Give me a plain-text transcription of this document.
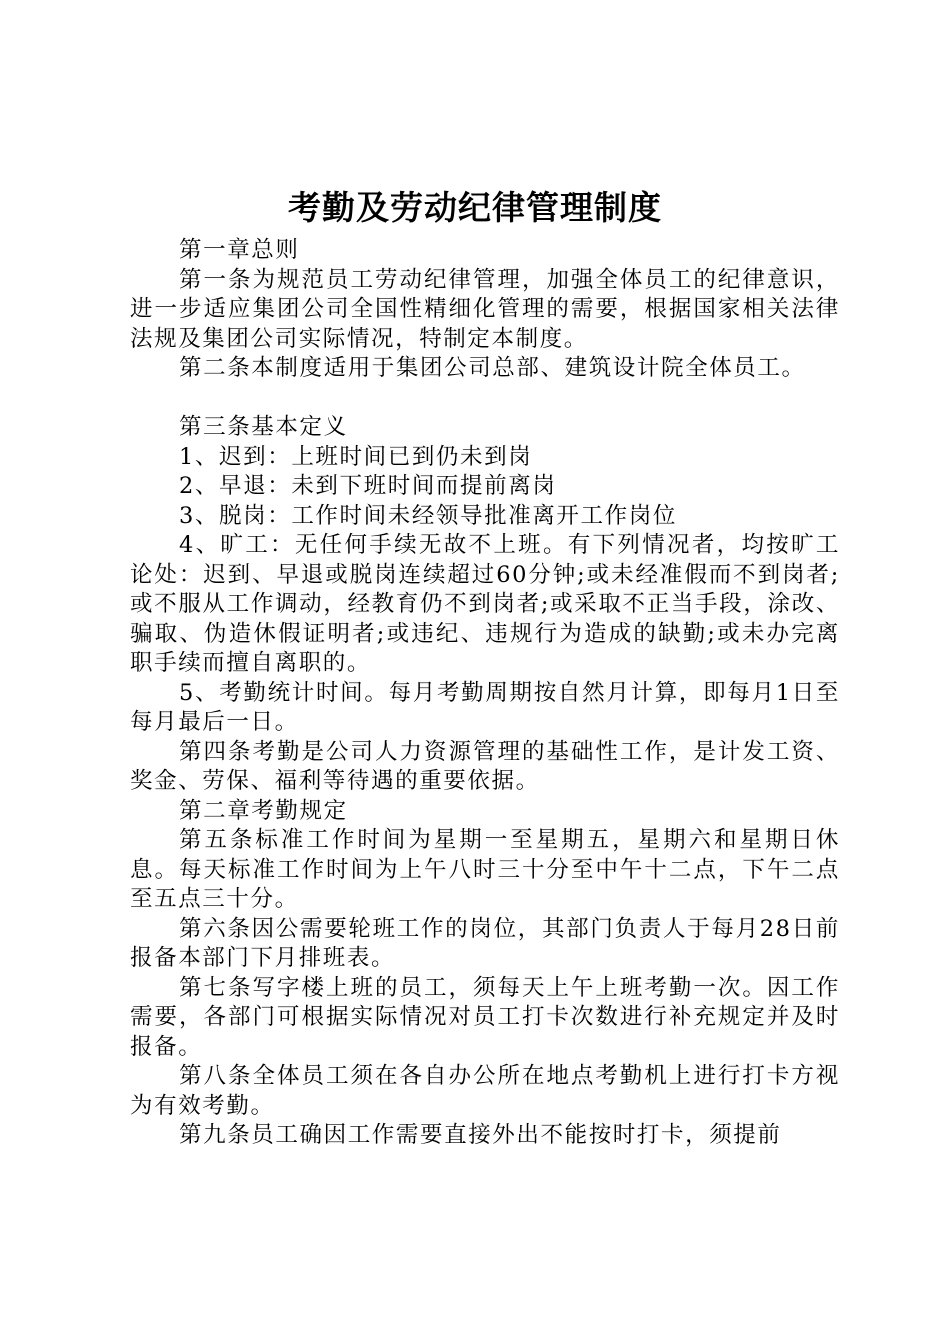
考勤及劳动纪律管理制度

第一章总则

第一条为规范员工劳动纪律管理，加强全体员工的纪律意识，进一步适应集团公司全国性精细化管理的需要，根据国家相关法律法规及集团公司实际情况，特制定本制度。

第二条本制度适用于集团公司总部、建筑设计院全体员工。

第三条基本定义

1、迟到：上班时间已到仍未到岗

2、早退：未到下班时间而提前离岗

3、脱岗：工作时间未经领导批准离开工作岗位

4、旷工：无任何手续无故不上班。有下列情况者，均按旷工论处：迟到、早退或脱岗连续超过60分钟;或未经准假而不到岗者;或不服从工作调动，经教育仍不到岗者;或采取不正当手段，涂改、骗取、伪造休假证明者;或违纪、违规行为造成的缺勤;或未办完离职手续而擅自离职的。

5、考勤统计时间。每月考勤周期按自然月计算，即每月1日至每月最后一日。

第四条考勤是公司人力资源管理的基础性工作，是计发工资、奖金、劳保、福利等待遇的重要依据。

第二章考勤规定

第五条标准工作时间为星期一至星期五，星期六和星期日休息。每天标准工作时间为上午八时三十分至中午十二点，下午二点至五点三十分。

第六条因公需要轮班工作的岗位，其部门负责人于每月28日前报备本部门下月排班表。

第七条写字楼上班的员工，须每天上午上班考勤一次。因工作需要，各部门可根据实际情况对员工打卡次数进行补充规定并及时报备。

第八条全体员工须在各自办公所在地点考勤机上进行打卡方视为有效考勤。

第九条员工确因工作需要直接外出不能按时打卡，须提前
